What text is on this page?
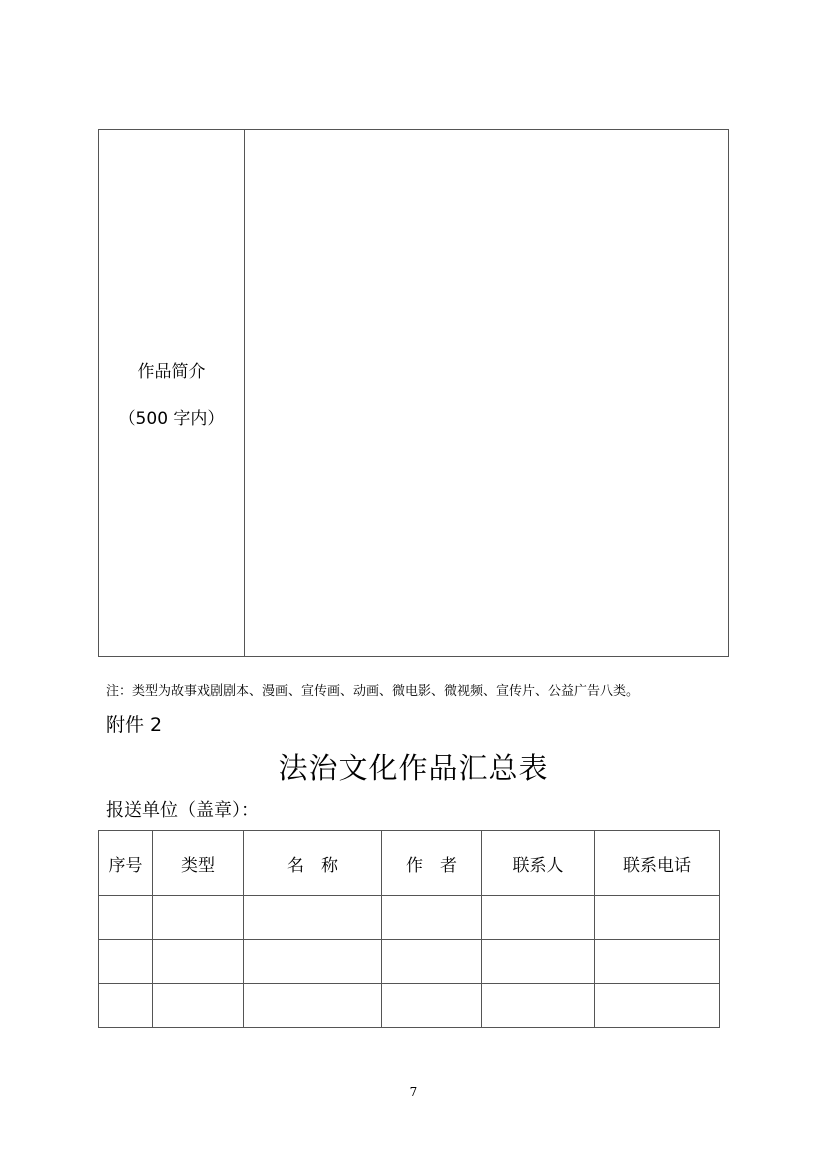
作品简介
（500 字内）

注：类型为故事戏剧剧本、漫画、宣传画、动画、微电影、微视频、宣传片、公益广告八类。
附件 2
法治文化作品汇总表
报送单位（盖章）：
序号	类型	名　称	作　者	联系人	联系电话

7
